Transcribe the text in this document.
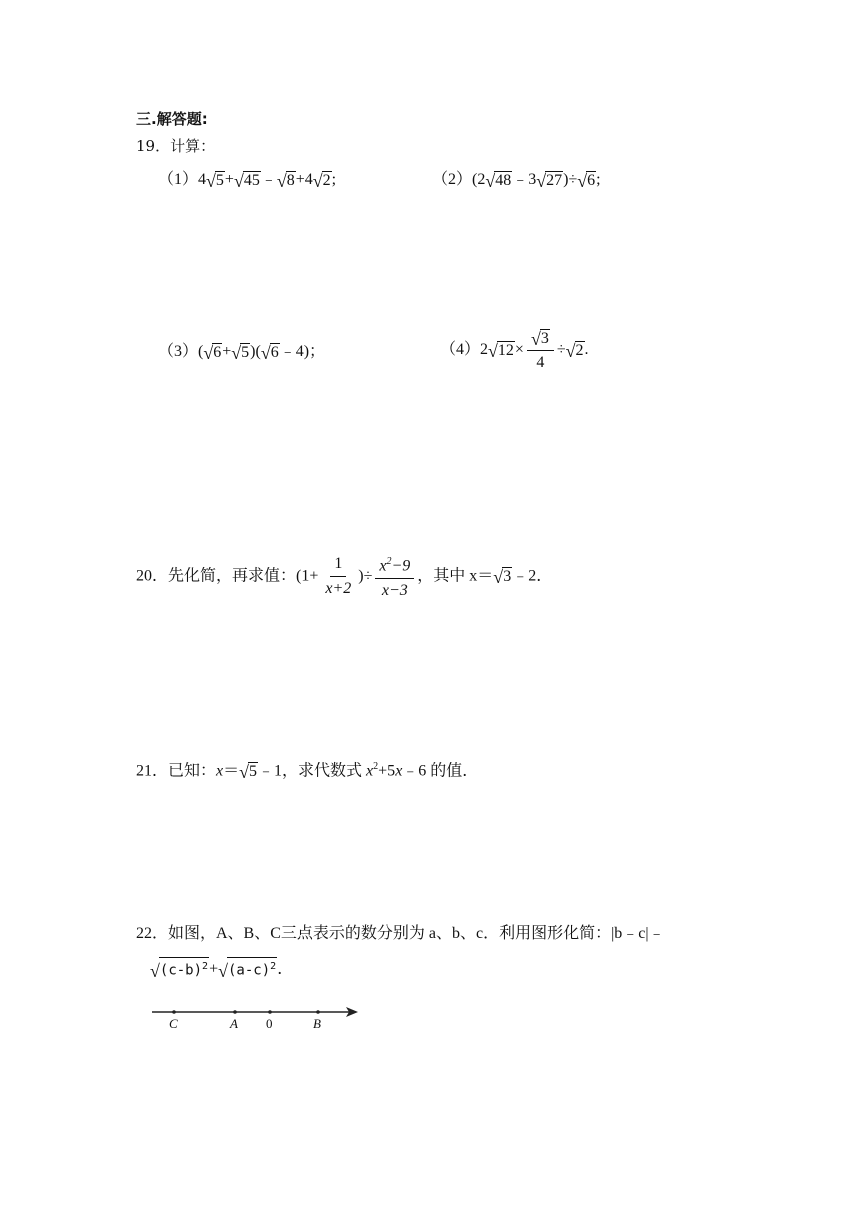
三.解答题:
19．计算：
（1）4 √ 5 + √ 45 ﹣ √ 8 +4 √ 2 ;	（2）(2 √ 48 ﹣3 √ 27 )÷ √ 6 ;
（3）( √ 6 + √ 5 )( √ 6 ﹣4)；	（4）2 √ $12 \times \frac{√ 3}{4}$ ÷ √ 2 .
20．先化简，再求值：($1+ \frac{1}{x+2}$ )÷ $\frac{x^2-9}{x-3}$ ，其中 x＝ √ 3 ﹣2．
21．已知：x＝ √ 5 ﹣1，求代数式 $x^2+5x﹣6$ 的值．
22．如图，A、B、C三点表示的数分别为 a、b、c．利用图形化简：|b﹣c|﹣
√ $(c-b)^2$ + √ $(a-c)^2$ ．
C	A 0	B
